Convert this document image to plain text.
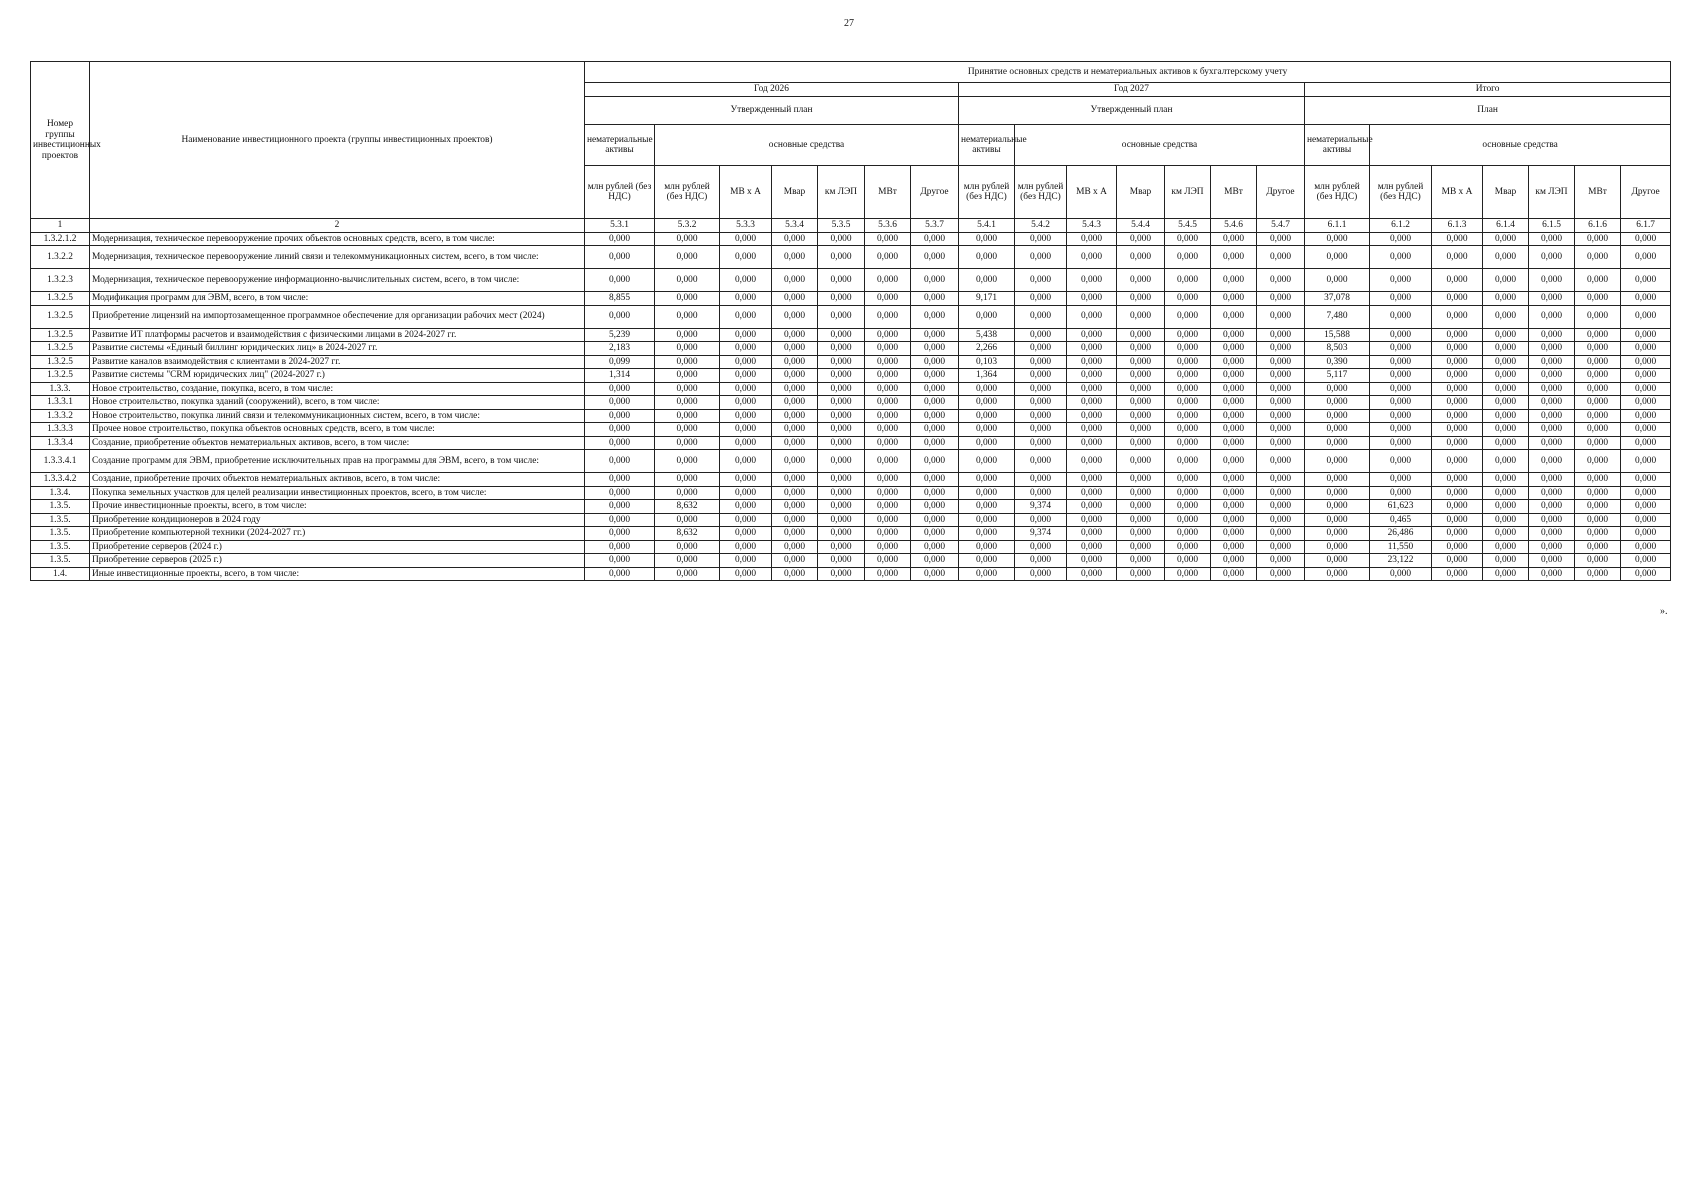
27
Номер группы инвестиционных проектов	Наименование инвестиционного проекта (группы инвестиционных проектов)	Принятие основных средств и нематериальных активов к бухгалтерскому учету																				
		Год 2026							Год 2027							Итого						
		Утвержденный план							Утвержденный план							План						
		нематериальные активы	основные средства						нематериальные активы	основные средства						нематериальные активы	основные средства					
		млн рублей (без НДС)	млн рублей (без НДС)	МВ х А	Мвар	км ЛЭП	МВт	Другое	млн рублей (без НДС)	млн рублей (без НДС)	МВ х А	Мвар	км ЛЭП	МВт	Другое	млн рублей (без НДС)	млн рублей (без НДС)	МВ х А	Мвар	км ЛЭП	МВт	Другое
1	2	5.3.1	5.3.2	5.3.3	5.3.4	5.3.5	5.3.6	5.3.7	5.4.1	5.4.2	5.4.3	5.4.4	5.4.5	5.4.6	5.4.7	6.1.1	6.1.2	6.1.3	6.1.4	6.1.5	6.1.6	6.1.7
1.3.2.1.2	Модернизация, техническое перевооружение прочих объектов основных средств, всего, в том числе:	0,000	0,000	0,000	0,000	0,000	0,000	0,000	0,000	0,000	0,000	0,000	0,000	0,000	0,000	0,000	0,000	0,000	0,000	0,000	0,000	0,000
1.3.2.2	Модернизация, техническое перевооружение линий связи и телекоммуникационных систем, всего, в том числе:	0,000	0,000	0,000	0,000	0,000	0,000	0,000	0,000	0,000	0,000	0,000	0,000	0,000	0,000	0,000	0,000	0,000	0,000	0,000	0,000	0,000
1.3.2.3	Модернизация, техническое перевооружение информационно-вычислительных систем, всего, в том числе:	0,000	0,000	0,000	0,000	0,000	0,000	0,000	0,000	0,000	0,000	0,000	0,000	0,000	0,000	0,000	0,000	0,000	0,000	0,000	0,000	0,000
1.3.2.5	Модификация программ для ЭВМ, всего, в том числе:	8,855	0,000	0,000	0,000	0,000	0,000	0,000	9,171	0,000	0,000	0,000	0,000	0,000	0,000	37,078	0,000	0,000	0,000	0,000	0,000	0,000
1.3.2.5	Приобретение лицензий на импортозамещенное программное обеспечение для организации рабочих мест (2024)	0,000	0,000	0,000	0,000	0,000	0,000	0,000	0,000	0,000	0,000	0,000	0,000	0,000	0,000	7,480	0,000	0,000	0,000	0,000	0,000	0,000
1.3.2.5	Развитие ИТ платформы расчетов и взаимодействия с физическими лицами в 2024-2027 гг.	5,239	0,000	0,000	0,000	0,000	0,000	0,000	5,438	0,000	0,000	0,000	0,000	0,000	0,000	15,588	0,000	0,000	0,000	0,000	0,000	0,000
1.3.2.5	Развитие системы «Единый биллинг юридических лиц» в 2024-2027 гг.	2,183	0,000	0,000	0,000	0,000	0,000	0,000	2,266	0,000	0,000	0,000	0,000	0,000	0,000	8,503	0,000	0,000	0,000	0,000	0,000	0,000
1.3.2.5	Развитие каналов взаимодействия с клиентами в 2024-2027 гг.	0,099	0,000	0,000	0,000	0,000	0,000	0,000	0,103	0,000	0,000	0,000	0,000	0,000	0,000	0,390	0,000	0,000	0,000	0,000	0,000	0,000
1.3.2.5	Развитие системы "CRM юридических лиц" (2024-2027 г.)	1,314	0,000	0,000	0,000	0,000	0,000	0,000	1,364	0,000	0,000	0,000	0,000	0,000	0,000	5,117	0,000	0,000	0,000	0,000	0,000	0,000
1.3.3.	Новое строительство, создание, покупка, всего, в том числе:	0,000	0,000	0,000	0,000	0,000	0,000	0,000	0,000	0,000	0,000	0,000	0,000	0,000	0,000	0,000	0,000	0,000	0,000	0,000	0,000	0,000
1.3.3.1	Новое строительство, покупка зданий (сооружений), всего, в том числе:	0,000	0,000	0,000	0,000	0,000	0,000	0,000	0,000	0,000	0,000	0,000	0,000	0,000	0,000	0,000	0,000	0,000	0,000	0,000	0,000	0,000
1.3.3.2	Новое строительство, покупка линий связи и телекоммуникационных систем, всего, в том числе:	0,000	0,000	0,000	0,000	0,000	0,000	0,000	0,000	0,000	0,000	0,000	0,000	0,000	0,000	0,000	0,000	0,000	0,000	0,000	0,000	0,000
1.3.3.3	Прочее новое строительство, покупка объектов основных средств, всего, в том числе:	0,000	0,000	0,000	0,000	0,000	0,000	0,000	0,000	0,000	0,000	0,000	0,000	0,000	0,000	0,000	0,000	0,000	0,000	0,000	0,000	0,000
1.3.3.4	Создание, приобретение объектов нематериальных активов, всего, в том числе:	0,000	0,000	0,000	0,000	0,000	0,000	0,000	0,000	0,000	0,000	0,000	0,000	0,000	0,000	0,000	0,000	0,000	0,000	0,000	0,000	0,000
1.3.3.4.1	Создание программ для ЭВМ, приобретение исключительных прав на программы для ЭВМ, всего, в том числе:	0,000	0,000	0,000	0,000	0,000	0,000	0,000	0,000	0,000	0,000	0,000	0,000	0,000	0,000	0,000	0,000	0,000	0,000	0,000	0,000	0,000
1.3.3.4.2	Создание, приобретение прочих объектов нематериальных активов, всего, в том числе:	0,000	0,000	0,000	0,000	0,000	0,000	0,000	0,000	0,000	0,000	0,000	0,000	0,000	0,000	0,000	0,000	0,000	0,000	0,000	0,000	0,000
1.3.4.	Покупка земельных участков для целей реализации инвестиционных проектов, всего, в том числе:	0,000	0,000	0,000	0,000	0,000	0,000	0,000	0,000	0,000	0,000	0,000	0,000	0,000	0,000	0,000	0,000	0,000	0,000	0,000	0,000	0,000
1.3.5.	Прочие инвестиционные проекты, всего, в том числе:	0,000	8,632	0,000	0,000	0,000	0,000	0,000	0,000	9,374	0,000	0,000	0,000	0,000	0,000	0,000	61,623	0,000	0,000	0,000	0,000	0,000
1.3.5.	Приобретение кондиционеров в 2024 году	0,000	0,000	0,000	0,000	0,000	0,000	0,000	0,000	0,000	0,000	0,000	0,000	0,000	0,000	0,000	0,465	0,000	0,000	0,000	0,000	0,000
1.3.5.	Приобретение компьютерной техники (2024-2027 гг.)	0,000	8,632	0,000	0,000	0,000	0,000	0,000	0,000	9,374	0,000	0,000	0,000	0,000	0,000	0,000	26,486	0,000	0,000	0,000	0,000	0,000
1.3.5.	Приобретение серверов (2024 г.)	0,000	0,000	0,000	0,000	0,000	0,000	0,000	0,000	0,000	0,000	0,000	0,000	0,000	0,000	0,000	11,550	0,000	0,000	0,000	0,000	0,000
1.3.5.	Приобретение серверов (2025 г.)	0,000	0,000	0,000	0,000	0,000	0,000	0,000	0,000	0,000	0,000	0,000	0,000	0,000	0,000	0,000	23,122	0,000	0,000	0,000	0,000	0,000
1.4.	Иные инвестиционные проекты, всего, в том числе:	0,000	0,000	0,000	0,000	0,000	0,000	0,000	0,000	0,000	0,000	0,000	0,000	0,000	0,000	0,000	0,000	0,000	0,000	0,000	0,000	0,000
».
